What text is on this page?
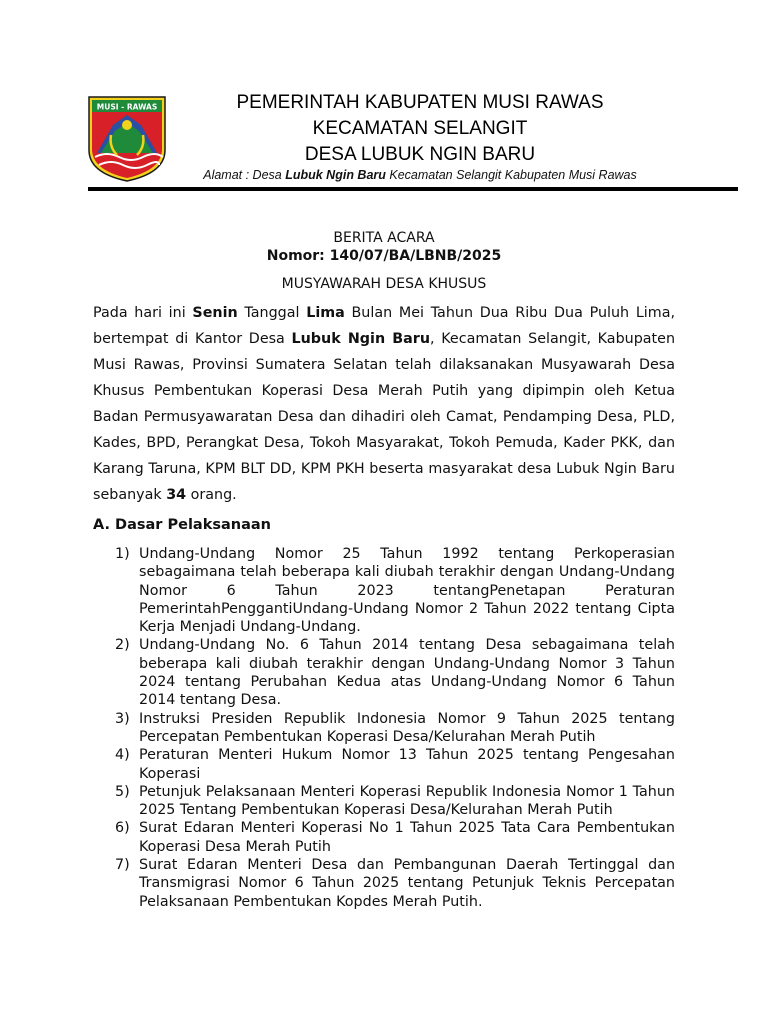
MUSI - RAWAS	PEMERINTAH KABUPATEN MUSI RAWAS
KECAMATAN SELANGIT
DESA LUBUK NGIN BARU
Alamat : Desa Lubuk Ngin Baru Kecamatan Selangit Kabupaten Musi Rawas
BERITA ACARA
Nomor: 140/07/BA/LBNB/2025
MUSYAWARAH DESA KHUSUS
Pada hari ini Senin Tanggal Lima Bulan Mei Tahun Dua Ribu Dua Puluh Lima, bertempat di Kantor Desa Lubuk Ngin Baru, Kecamatan Selangit, Kabupaten Musi Rawas, Provinsi Sumatera Selatan telah dilaksanakan Musyawarah Desa Khusus Pembentukan Koperasi Desa Merah Putih yang dipimpin oleh Ketua Badan Permusyawaratan Desa dan dihadiri oleh Camat, Pendamping Desa, PLD, Kades, BPD, Perangkat Desa, Tokoh Masyarakat, Tokoh Pemuda, Kader PKK, dan Karang Taruna, KPM BLT DD, KPM PKH beserta masyarakat desa Lubuk Ngin Baru sebanyak 34 orang.
A. Dasar Pelaksanaan
1) Undang-Undang Nomor 25 Tahun 1992 tentang Perkoperasian sebagaimana telah beberapa kali diubah terakhir dengan Undang-Undang Nomor 6 Tahun 2023 tentangPenetapan Peraturan PemerintahPenggantiUndang-Undang Nomor 2 Tahun 2022 tentang Cipta Kerja Menjadi Undang-Undang.
2) Undang-Undang No. 6 Tahun 2014 tentang Desa sebagaimana telah beberapa kali diubah terakhir dengan Undang-Undang Nomor 3 Tahun 2024 tentang Perubahan Kedua atas Undang-Undang Nomor 6 Tahun 2014 tentang Desa.
3) Instruksi Presiden Republik Indonesia Nomor 9 Tahun 2025 tentang Percepatan Pembentukan Koperasi Desa/Kelurahan Merah Putih
4) Peraturan Menteri Hukum Nomor 13 Tahun 2025 tentang Pengesahan Koperasi
5) Petunjuk Pelaksanaan Menteri Koperasi Republik Indonesia Nomor 1 Tahun 2025 Tentang Pembentukan Koperasi Desa/Kelurahan Merah Putih
6) Surat Edaran Menteri Koperasi No 1 Tahun 2025 Tata Cara Pembentukan Koperasi Desa Merah Putih
7) Surat Edaran Menteri Desa dan Pembangunan Daerah Tertinggal dan Transmigrasi Nomor 6 Tahun 2025 tentang Petunjuk Teknis Percepatan Pelaksanaan Pembentukan Kopdes Merah Putih.
